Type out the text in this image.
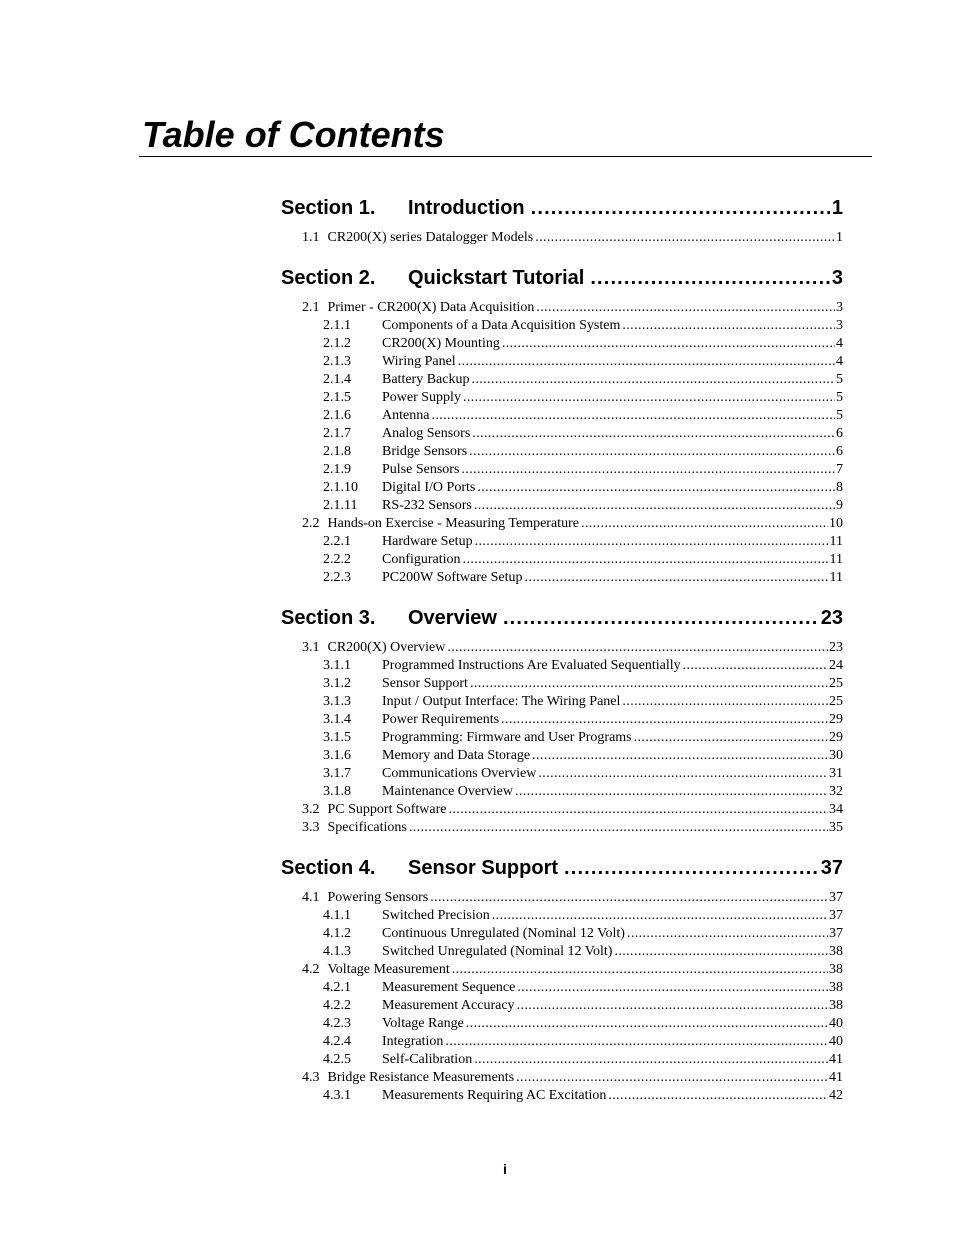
Table of Contents
Section 1.	Introduction . . .	1
1.1 CR200(X) series Datalogger Models .....	1
Section 2.	Quickstart Tutorial . . .	3
2.1 Primer - CR200(X) Data Acquisition .....	3
2.1.1	Components of a Data Acquisition System .....	3
2.1.2	CR200(X) Mounting .....	4
2.1.3	Wiring Panel .....	4
2.1.4	Battery Backup .....	5
2.1.5	Power Supply .....	5
2.1.6	Antenna .....	5
2.1.7	Analog Sensors .....	6
2.1.8	Bridge Sensors .....	6
2.1.9	Pulse Sensors .....	7
2.1.10	Digital I/O Ports .....	8
2.1.11	RS-232 Sensors .....	9
2.2 Hands-on Exercise - Measuring Temperature .....	10
2.2.1	Hardware Setup .....	11
2.2.2	Configuration .....	11
2.2.3	PC200W Software Setup .....	11
Section 3.	Overview . . .	23
3.1 CR200(X) Overview .....	23
3.1.1	Programmed Instructions Are Evaluated Sequentially .....	24
3.1.2	Sensor Support .....	25
3.1.3	Input / Output Interface: The Wiring Panel .....	25
3.1.4	Power Requirements .....	29
3.1.5	Programming: Firmware and User Programs .....	29
3.1.6	Memory and Data Storage .....	30
3.1.7	Communications Overview .....	31
3.1.8	Maintenance Overview .....	32
3.2 PC Support Software .....	34
3.3 Specifications .....	35
Section 4.	Sensor Support . . .	37
4.1 Powering Sensors .....	37
4.1.1	Switched Precision .....	37
4.1.2	Continuous Unregulated (Nominal 12 Volt) .....	37
4.1.3	Switched Unregulated (Nominal 12 Volt) .....	38
4.2 Voltage Measurement .....	38
4.2.1	Measurement Sequence .....	38
4.2.2	Measurement Accuracy .....	38
4.2.3	Voltage Range .....	40
4.2.4	Integration .....	40
4.2.5	Self-Calibration .....	41
4.3 Bridge Resistance Measurements .....	41
4.3.1	Measurements Requiring AC Excitation .....	42
i
